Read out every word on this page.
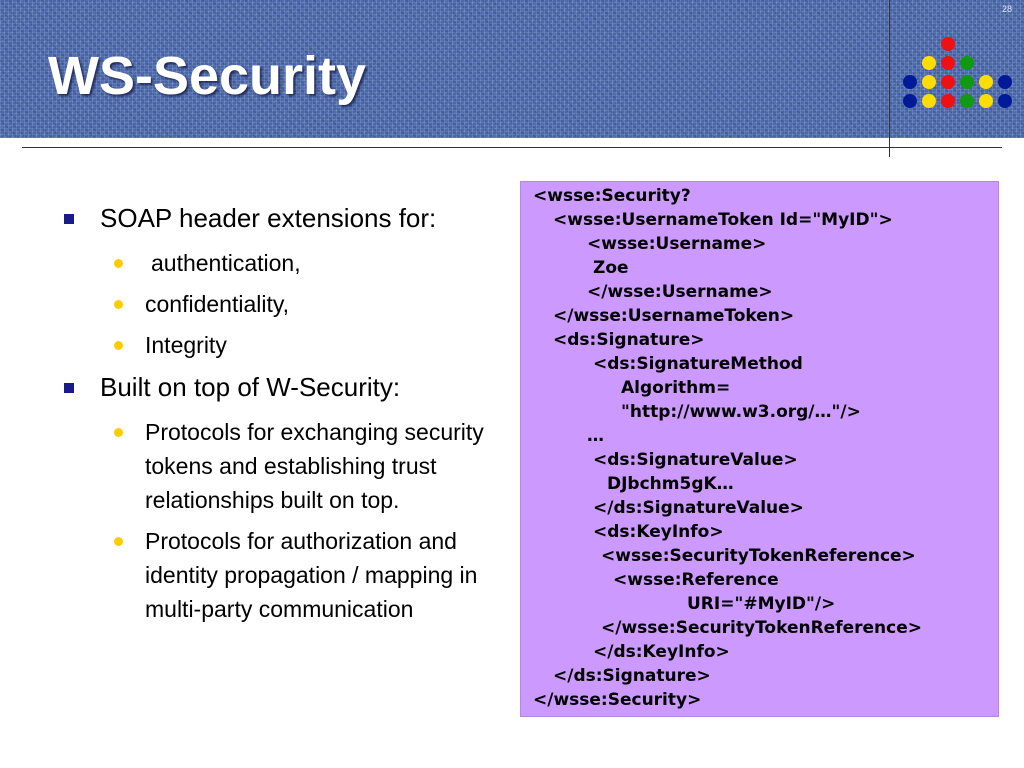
WS-Security
28
SOAP header extensions for:
authentication,
confidentiality,
Integrity
Built on top of W-Security:
Protocols for exchanging security tokens and establishing trust relationships built on top.
Protocols for authorization and identity propagation / mapping in multi-party communication
<wsse:Security?
<wsse:UsernameToken Id="MyID">
<wsse:Username>
Zoe
</wsse:Username>
</wsse:UsernameToken>
<ds:Signature>
<ds:SignatureMethod
Algorithm=
"http://www.w3.org/…"/>
…
<ds:SignatureValue>
DJbchm5gK…
</ds:SignatureValue>
<ds:KeyInfo>
<wsse:SecurityTokenReference>
<wsse:Reference
URI="#MyID"/>
</wsse:SecurityTokenReference>
</ds:KeyInfo>
</ds:Signature>
</wsse:Security>
